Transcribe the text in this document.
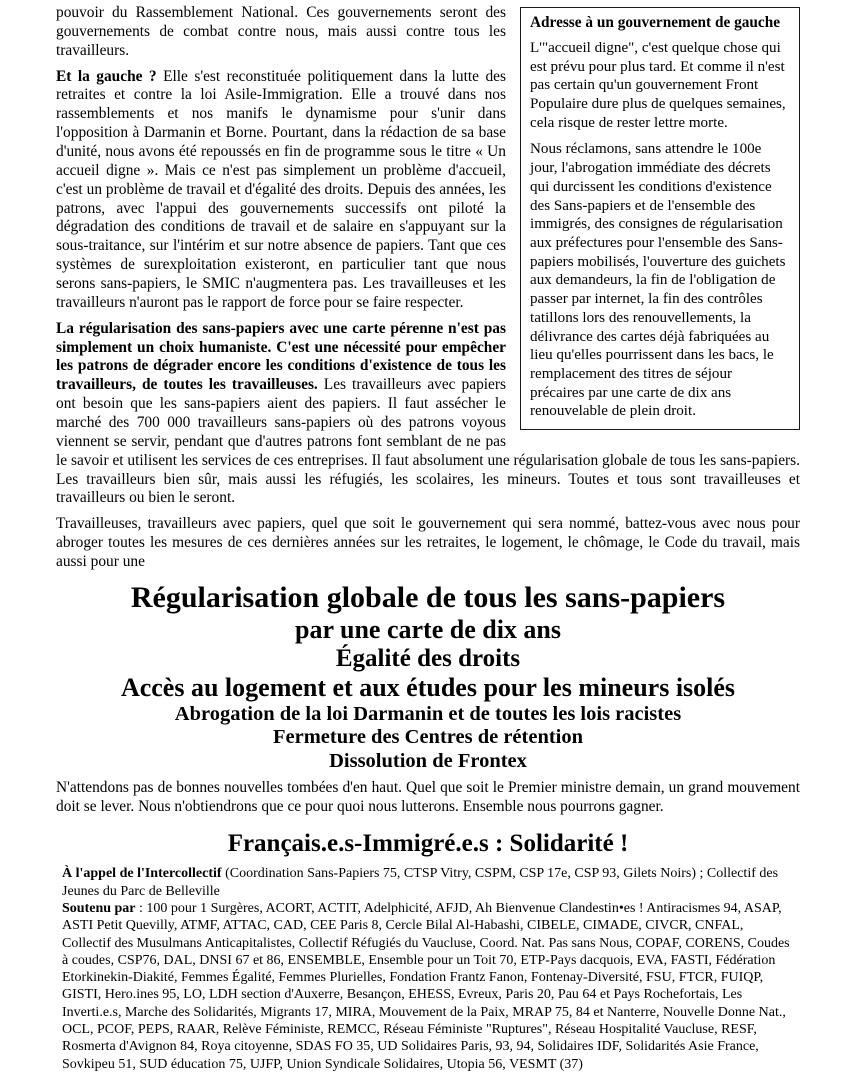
Adresse à un gouvernement de gauche

L'"accueil digne", c'est quelque chose qui est prévu pour plus tard. Et comme il n'est pas certain qu'un gouvernement Front Populaire dure plus de quelques semaines, cela risque de rester lettre morte.

Nous réclamons, sans attendre le 100e jour, l'abrogation immédiate des décrets qui durcissent les conditions d'existence des Sans-papiers et de l'ensemble des immigrés, des consignes de régularisation aux préfectures pour l'ensemble des Sans-papiers mobilisés, l'ouverture des guichets aux demandeurs, la fin de l'obligation de passer par internet, la fin des contrôles tatillons lors des renouvellements, la délivrance des cartes déjà fabriquées au lieu qu'elles pourrissent dans les bacs, le remplacement des titres de séjour précaires par une carte de dix ans renouvelable de plein droit.

pouvoir du Rassemblement National. Ces gouvernements seront des gouvernements de combat contre nous, mais aussi contre tous les travailleurs.

Et la gauche ? Elle s'est reconstituée politiquement dans la lutte des retraites et contre la loi Asile-Immigration. Elle a trouvé dans nos rassemblements et nos manifs le dynamisme pour s'unir dans l'opposition à Darmanin et Borne. Pourtant, dans la rédaction de sa base d'unité, nous avons été repoussés en fin de programme sous le titre « Un accueil digne ». Mais ce n'est pas simplement un problème d'accueil, c'est un problème de travail et d'égalité des droits. Depuis des années, les patrons, avec l'appui des gouvernements successifs ont piloté la dégradation des conditions de travail et de salaire en s'appuyant sur la sous-traitance, sur l'intérim et sur notre absence de papiers. Tant que ces systèmes de surexploitation existeront, en particulier tant que nous serons sans-papiers, le SMIC n'augmentera pas. Les travailleuses et les travailleurs n'auront pas le rapport de force pour se faire respecter.

La régularisation des sans-papiers avec une carte pérenne n'est pas simplement un choix humaniste. C'est une nécessité pour empêcher les patrons de dégrader encore les conditions d'existence de tous les travailleurs, de toutes les travailleuses. Les travailleurs avec papiers ont besoin que les sans-papiers aient des papiers. Il faut assécher le marché des 700 000 travailleurs sans-papiers où des patrons voyous viennent se servir, pendant que d'autres patrons font semblant de ne pas le savoir et utilisent les services de ces entreprises. Il faut absolument une régularisation globale de tous les sans-papiers. Les travailleurs bien sûr, mais aussi les réfugiés, les scolaires, les mineurs. Toutes et tous sont travailleuses et travailleurs ou bien le seront.

Travailleuses, travailleurs avec papiers, quel que soit le gouvernement qui sera nommé, battez-vous avec nous pour abroger toutes les mesures de ces dernières années sur les retraites, le logement, le chômage, le Code du travail, mais aussi pour une

Régularisation globale de tous les sans-papiers
par une carte de dix ans
Égalité des droits
Accès au logement et aux études pour les mineurs isolés
Abrogation de la loi Darmanin et de toutes les lois racistes
Fermeture des Centres de rétention
Dissolution de Frontex

N'attendons pas de bonnes nouvelles tombées d'en haut. Quel que soit le Premier ministre demain, un grand mouvement doit se lever. Nous n'obtiendrons que ce pour quoi nous lutterons. Ensemble nous pourrons gagner.

Français.e.s-Immigré.e.s : Solidarité !

À l'appel de l'Intercollectif (Coordination Sans-Papiers 75, CTSP Vitry, CSPM, CSP 17e, CSP 93, Gilets Noirs) ; Collectif des Jeunes du Parc de Belleville

Soutenu par : 100 pour 1 Surgères, ACORT, ACTIT, Adelphicité, AFJD, Ah Bienvenue Clandestin•es ! Antiracismes 94, ASAP, ASTI Petit Quevilly, ATMF, ATTAC, CAD, CEE Paris 8, Cercle Bilal Al-Habashi, CIBELE, CIMADE, CIVCR, CNFAL, Collectif des Musulmans Anticapitalistes, Collectif Réfugiés du Vaucluse, Coord. Nat. Pas sans Nous, COPAF, CORENS, Coudes à coudes, CSP76, DAL, DNSI 67 et 86, ENSEMBLE, Ensemble pour un Toit 70, ETP-Pays dacquois, EVA, FASTI, Fédération Etorkinekin-Diakité, Femmes Égalité, Femmes Plurielles, Fondation Frantz Fanon, Fontenay-Diversité, FSU, FTCR, FUIQP, GISTI, Hero.ines 95, LO, LDH section d'Auxerre, Besançon, EHESS, Evreux, Paris 20, Pau 64 et Pays Rochefortais, Les Inverti.e.s, Marche des Solidarités, Migrants 17, MIRA, Mouvement de la Paix, MRAP 75, 84 et Nanterre, Nouvelle Donne Nat., OCL, PCOF, PEPS, RAAR, Relève Féministe, REMCC, Réseau Féministe "Ruptures", Réseau Hospitalité Vaucluse, RESF, Rosmerta d'Avignon 84, Roya citoyenne, SDAS FO 35, UD Solidaires Paris, 93, 94, Solidaires IDF, Solidarités Asie France, Sovkipeu 51, SUD éducation 75, UJFP, Union Syndicale Solidaires, Utopia 56, VESMT (37)
